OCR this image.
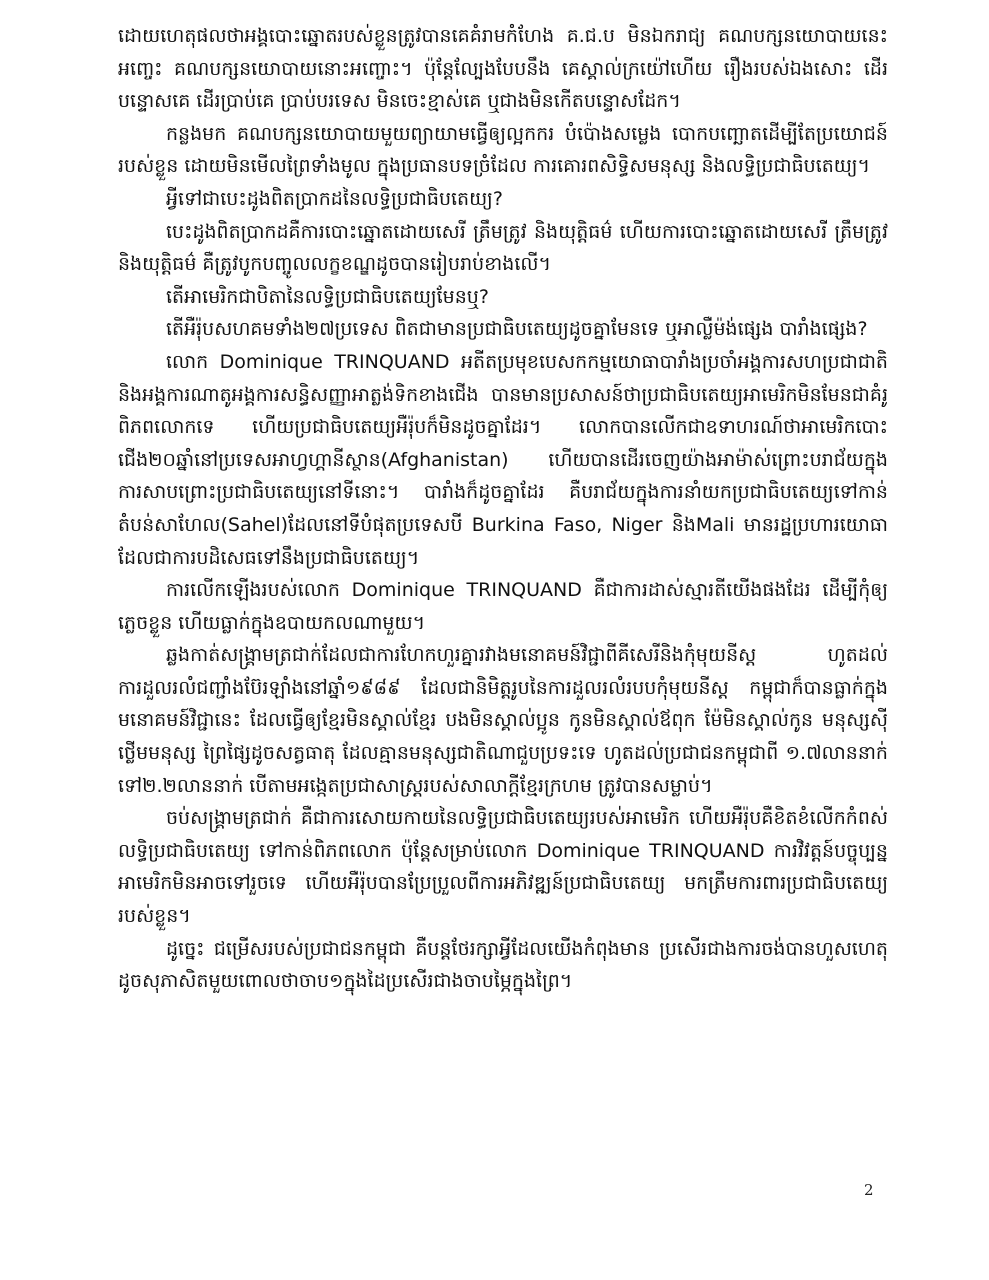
ដោយហេតុផលថាអង្គបោះឆ្នោតរបស់ខ្លួនត្រូវបានគេគំរាមកំហែង គ.ជ.ប មិនឯករាជ្យ គណបក្សនយោបាយនេះអញ្ចេះ គណបក្សនយោបាយនោះអញ្ចោះ។ ប៉ុន្តែល្បែងបែបនឹង គេស្គាល់ក្រយ៉ៅហើយ រឿងរបស់ឯងសោះ ដើរបន្ទោសគេ ដើរប្រាប់គេ ប្រាប់បរទេស មិនចេះខ្មាស់គេ ឬជាងមិនកើតបន្ទោសដែក។

កន្លងមក គណបក្សនយោបាយមួយព្យាយាមធ្វើឲ្យល្អកករ បំប៉ោងសម្លេង បោកបញ្ឆោតដើម្បីតែប្រយោជន៍របស់ខ្លួន ដោយមិនមើលព្រៃទាំងមូល ក្នុងប្រធានបទច្រំដែល ការគោរពសិទ្ធិសមនុស្ស និងលទ្ធិប្រជាធិបតេយ្យ។

អ្វីទៅជាបេះដូងពិតប្រាកដនៃលទ្ធិប្រជាធិបតេយ្យ?

បេះដូងពិតប្រាកដគឺការបោះឆ្នោតដោយសេរី ត្រឹមត្រូវ និងយុត្តិធម៌ ហើយការបោះឆ្នោតដោយសេរី ត្រឹមត្រូវ និងយុត្តិធម៌ គឺត្រូវបូកបញ្ចូលលក្ខខណ្ឌដូចបានរៀបរាប់ខាងលើ។

តើអាមេរិកជាបិតានៃលទ្ធិប្រជាធិបតេយ្យមែនឬ?

តើអឺរ៉ុបសហគមទាំង២៧ប្រទេស ពិតជាមានប្រជាធិបតេយ្យដូចគ្នាមែនទេ ឬអាល្លឺម៉ង់ផ្សេង បារាំងផ្សេង?

លោក Dominique TRINQUAND អតីតប្រមុខបេសកកម្មយោធាបារាំងប្រចាំអង្គការសហប្រជាជាតិ និងអង្គការណាតូអង្គការសន្ធិសញ្ញាអាត្លង់ទិកខាងជើង បានមានប្រសាសន៍ថាប្រជាធិបតេយ្យអាមេរិកមិនមែនជាគំរូពិភពលោកទេ ហើយប្រជាធិបតេយ្យអឺរ៉ុបក៏មិនដូចគ្នាដែរ។ លោកបានលើកជាឧទាហរណ៍ថាអាមេរិកបោះជើង២០ឆ្នាំនៅប្រទេសអាហ្វហ្គានីស្ថាន(Afghanistan) ហើយបានដើរចេញយ៉ាងអាម៉ាស់ព្រោះបរាជ័យក្នុងការសាបព្រោះប្រជាធិបតេយ្យនៅទីនោះ។ បារាំងក៏ដូចគ្នាដែរ គឺបរាជ័យក្នុងការនាំយកប្រជាធិបតេយ្យទៅកាន់តំបន់សាហែល(Sahel)ដែលនៅទីបំផុតប្រទេសបី Burkina Faso, Niger និងMali មានរដ្ឋប្រហារយោធា ដែលជាការបដិសេធទៅនឹងប្រជាធិបតេយ្យ។

ការលើកឡើងរបស់លោក Dominique TRINQUAND គឺជាការដាស់ស្មារតីយើងផងដែរ ដើម្បីកុំឲ្យភ្លេចខ្លួន ហើយធ្លាក់ក្នុងឧបាយកលណាមួយ។

ឆ្លងកាត់សង្គ្រាមត្រជាក់ដែលជាការហែកហួរគ្នារវាងមនោគមន៍វិជ្ជាពីគីសេរីនិងកុំមុយនីស្ត ហូតដល់ការដួលរលំជញ្ជាំងប៊ែរឡាំងនៅឆ្នាំ១៩៨៩ ដែលជានិមិត្តរូបនៃការដួលរលំរបបកុំមុយនីស្ត កម្ពុជាក៏បានធ្លាក់ក្នុងមនោគមន៍វិជ្ជានេះ ដែលធ្វើឲ្យខ្មែរមិនស្គាល់ខ្មែរ បងមិនស្គាល់ប្អូន កូនមិនស្គាល់ឪពុក ម៉ែមិនស្គាល់កូន មនុស្សស៊ីថ្លើមមនុស្ស ព្រៃផ្សៃដូចសត្វធាតុ ដែលគ្មានមនុស្សជាតិណាជួបប្រទះទេ ហូតដល់ប្រជាជនកម្ពុជាពី ១.៧លាននាក់ទៅ២.២លាននាក់ បើតាមអង្កេតប្រជាសាស្ត្ររបស់សាលាក្ដីខ្មែរក្រហម ត្រូវបានសម្លាប់។

ចប់សង្គ្រាមត្រជាក់ គឺជាការសោយកាយនៃលទ្ធិប្រជាធិបតេយ្យរបស់អាមេរិក ហើយអឺរ៉ុបគឺខិតខំលើកកំពស់លទ្ធិប្រជាធិបតេយ្យ ទៅកាន់ពិភពលោក ប៉ុន្តែសម្រាប់លោក Dominique TRINQUAND ការវិវត្តន៍បច្ចុប្បន្ន អាមេរិកមិនអាចទៅរួចទេ ហើយអឺរ៉ុបបានប្រែប្រួលពីការអភិវឌ្ឍន៍ប្រជាធិបតេយ្យ មកត្រឹមការពារប្រជាធិបតេយ្យរបស់ខ្លួន។

ដូច្នេះ ជម្រើសរបស់ប្រជាជនកម្ពុជា គឺបន្តថែរក្សាអ្វីដែលយើងកំពុងមាន ប្រសើរជាងការចង់បានហួសហេតុ ដូចសុភាសិតមួយពោលថាចាប១ក្នុងដៃប្រសើរជាងចាបម្ភៃក្នុងព្រៃ។

2
